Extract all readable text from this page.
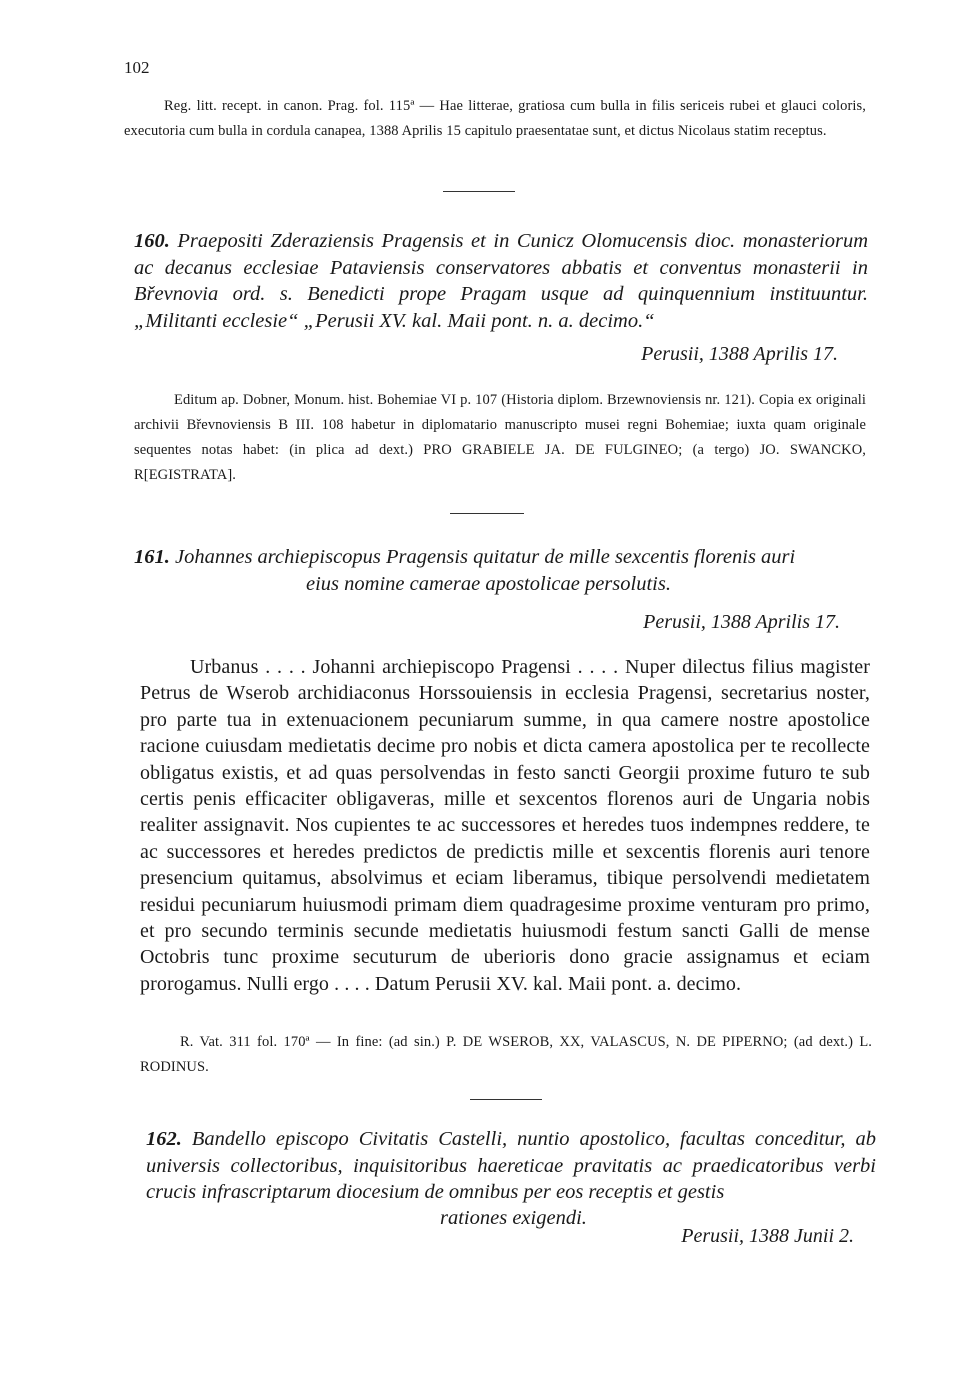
102
Reg. litt. recept. in canon. Prag. fol. 115ª — Hae litterae, gratiosa cum bulla in filis sericeis rubei et glauci coloris, executoria cum bulla in cordula canapea, 1388 Aprilis 15 capitulo praesentatae sunt, et dictus Nicolaus statim receptus.
160. Praepositi Zderaziensis Pragensis et in Cunicz Olomucensis dioc. monasteriorum ac decanus ecclesiae Pataviensis conservatores abbatis et conventus monasterii in Břevnovia ord. s. Benedicti prope Pragam usque ad quinquennium instituuntur. „Militanti ecclesie“ „Perusii XV. kal. Maii pont. n. a. decimo.“
Perusii, 1388 Aprilis 17.
Editum ap. Dobner, Monum. hist. Bohemiae VI p. 107 (Historia diplom. Brzewnoviensis nr. 121). Copia ex originali archivii Břevnoviensis B III. 108 habetur in diplomatario manuscripto musei regni Bohemiae; iuxta quam originale sequentes notas habet: (in plica ad dext.) PRO GRABIELE JA. DE FULGINEO; (a tergo) JO. SWANCKO, R[EGISTRATA].
161. Johannes archiepiscopus Pragensis quitatur de mille sexcentis florenis auri
eius nomine camerae apostolicae persolutis.
Perusii, 1388 Aprilis 17.
Urbanus . . . . Johanni archiepiscopo Pragensi . . . . Nuper dilectus filius magister Petrus de Wserob archidiaconus Horssouiensis in ecclesia Pragensi, secretarius noster, pro parte tua in extenuacionem pecuniarum summe, in qua camere nostre apostolice racione cuiusdam medietatis decime pro nobis et dicta camera apostolica per te recollecte obligatus existis, et ad quas persolvendas in festo sancti Georgii proxime futuro te sub certis penis efficaciter obligaveras, mille et sexcentos florenos auri de Ungaria nobis realiter assignavit. Nos cupientes te ac successores et heredes tuos indempnes reddere, te ac successores et heredes predictos de predictis mille et sexcentis florenis auri tenore presencium quitamus, absolvimus et eciam liberamus, tibique persolvendi medietatem residui pecuniarum huiusmodi primam diem quadragesime proxime venturam pro primo, et pro secundo terminis secunde medietatis huiusmodi festum sancti Galli de mense Octobris tunc proxime secuturum de uberioris dono gracie assignamus et eciam prorogamus. Nulli ergo . . . . Datum Perusii XV. kal. Maii pont. a. decimo.
R. Vat. 311 fol. 170ª — In fine: (ad sin.) P. DE WSEROB, XX, VALASCUS, N. DE PIPERNO; (ad dext.) L. RODINUS.
162. Bandello episcopo Civitatis Castelli, nuntio apostolico, facultas conceditur, ab universis collectoribus, inquisitoribus haereticae pravitatis ac praedicatoribus verbi crucis infrascriptarum diocesium de omnibus per eos receptis et gestis
rationes exigendi.
Perusii, 1388 Junii 2.
